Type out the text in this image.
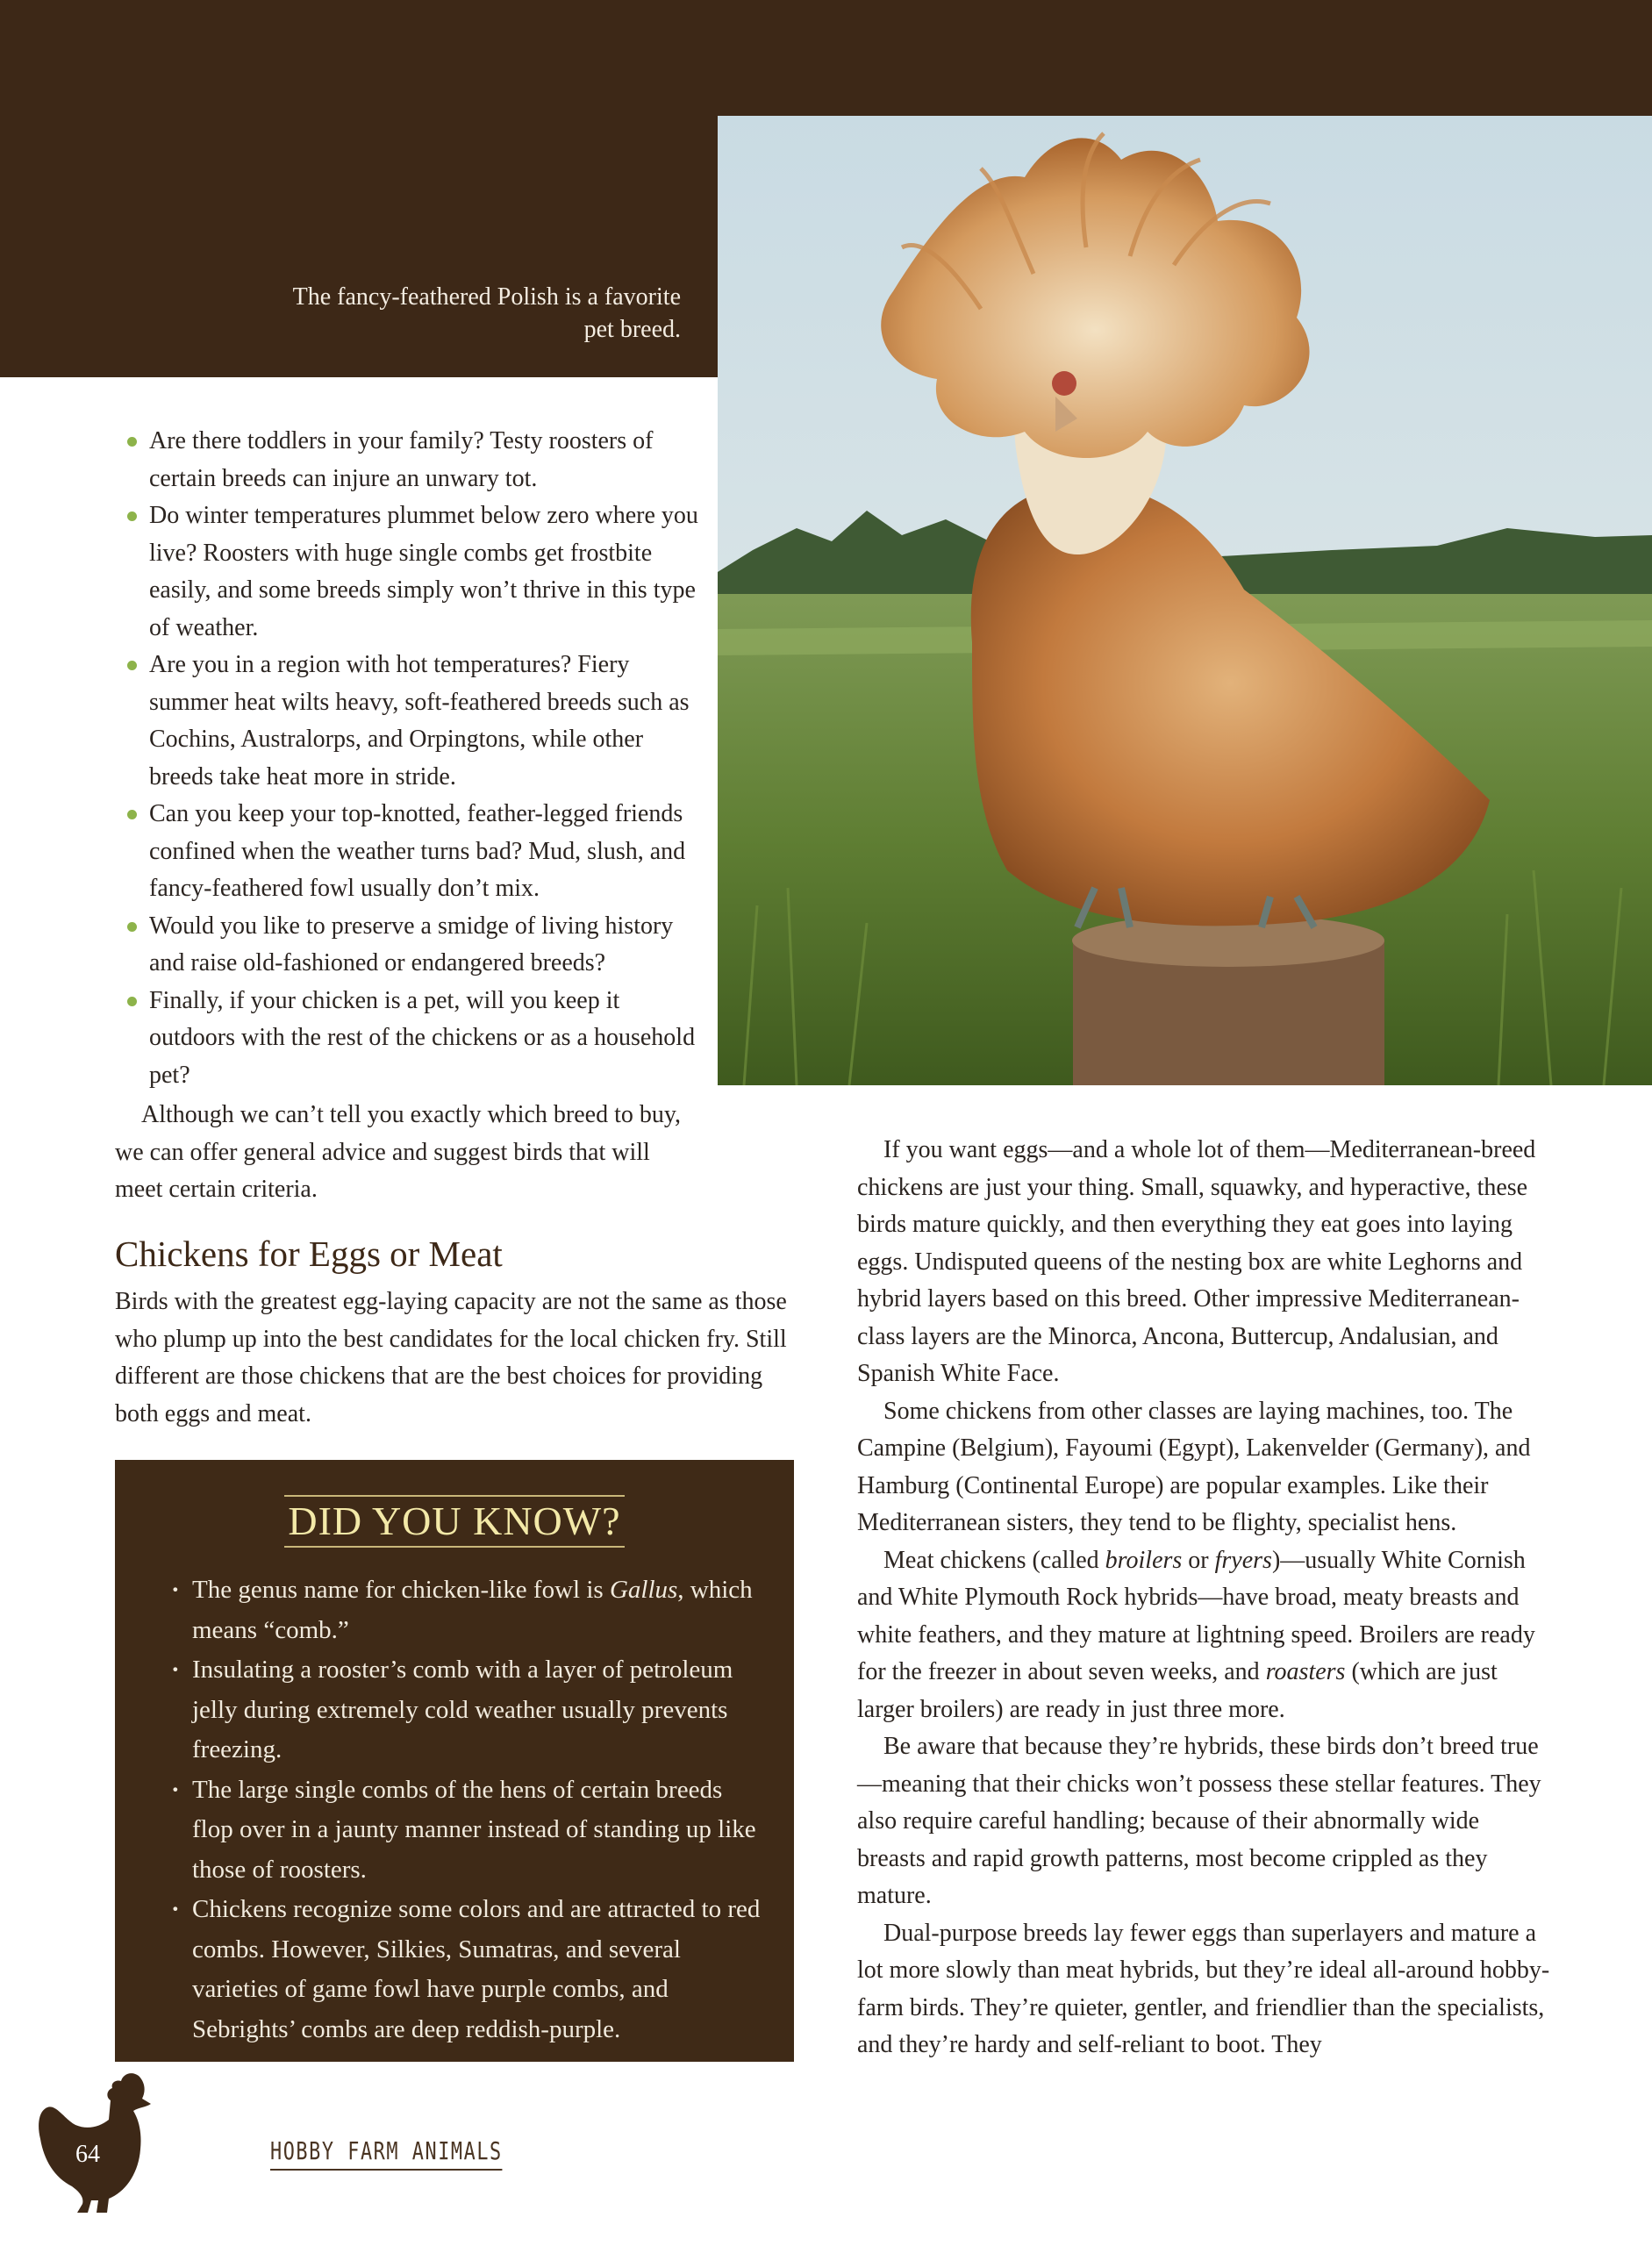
The fancy-feathered Polish is a favorite pet breed.
Are there toddlers in your family? Testy roosters of certain breeds can injure an unwary tot.
Do winter temperatures plummet below zero where you live? Roosters with huge single combs get frostbite easily, and some breeds simply won’t thrive in this type of weather.
Are you in a region with hot temperatures? Fiery summer heat wilts heavy, soft-feathered breeds such as Cochins, Australorps, and Orpingtons, while other breeds take heat more in stride.
Can you keep your top-knotted, feather-legged friends confined when the weather turns bad? Mud, slush, and fancy-feathered fowl usually don’t mix.
Would you like to preserve a smidge of living history and raise old-fashioned or endangered breeds?
Finally, if your chicken is a pet, will you keep it outdoors with the rest of the chickens or as a household pet?

Although we can’t tell you exactly which breed to buy, we can offer general advice and suggest birds that will meet certain criteria.

Chickens for Eggs or Meat

Birds with the greatest egg-laying capacity are not the same as those who plump up into the best candidates for the local chicken fry. Still different are those chickens that are the best choices for providing both eggs and meat.

DID YOU KNOW?
· The genus name for chicken-like fowl is Gallus, which means “comb.”
· Insulating a rooster’s comb with a layer of petroleum jelly during extremely cold weather usually prevents freezing.
· The large single combs of the hens of certain breeds flop over in a jaunty manner instead of standing up like those of roosters.
· Chickens recognize some colors and are attracted to red combs. However, Silkies, Sumatras, and several varieties of game fowl have purple combs, and Sebrights’ combs are deep reddish-purple.

If you want eggs—and a whole lot of them—Mediterranean-breed chickens are just your thing. Small, squawky, and hyperactive, these birds mature quickly, and then everything they eat goes into laying eggs. Undisputed queens of the nesting box are white Leghorns and hybrid layers based on this breed. Other impressive Mediterranean-class layers are the Minorca, Ancona, Buttercup, Andalusian, and Spanish White Face.

Some chickens from other classes are laying machines, too. The Campine (Belgium), Fayoumi (Egypt), Lakenvelder (Germany), and Hamburg (Continental Europe) are popular examples. Like their Mediterranean sisters, they tend to be flighty, specialist hens.

Meat chickens (called broilers or fryers)—usually White Cornish and White Plymouth Rock hybrids—have broad, meaty breasts and white feathers, and they mature at lightning speed. Broilers are ready for the freezer in about seven weeks, and roasters (which are just larger broilers) are ready in just three more.

Be aware that because they’re hybrids, these birds don’t breed true—meaning that their chicks won’t possess these stellar features. They also require careful handling; because of their abnormally wide breasts and rapid growth patterns, most become crippled as they mature.

Dual-purpose breeds lay fewer eggs than superlayers and mature a lot more slowly than meat hybrids, but they’re ideal all-around hobby-farm birds. They’re quieter, gentler, and friendlier than the specialists, and they’re hardy and self-reliant to boot. They

64	HOBBY FARM ANIMALS
